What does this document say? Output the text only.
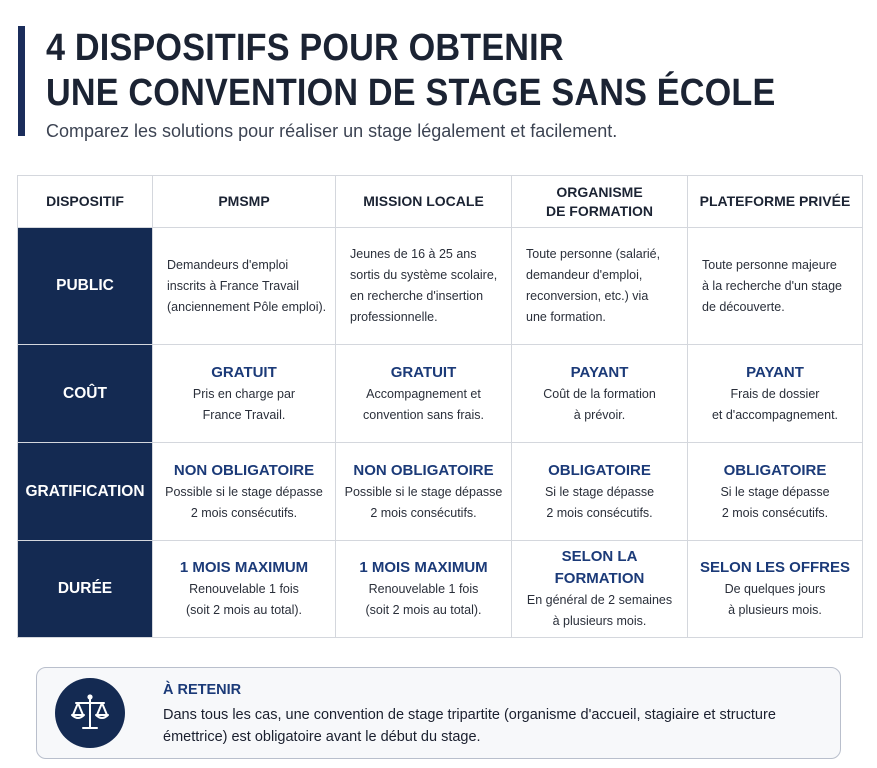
4 DISPOSITIFS POUR OBTENIR
UNE CONVENTION DE STAGE SANS ÉCOLE
Comparez les solutions pour réaliser un stage légalement et facilement.
DISPOSITIF	PMSMP	MISSION LOCALE	ORGANISME
DE FORMATION	PLATEFORME PRIVÉE

PUBLIC	Demandeurs d'emploi
inscrits à France Travail
(anciennement Pôle emploi).	Jeunes de 16 à 25 ans
sortis du système scolaire,
en recherche d'insertion
professionnelle.	Toute personne (salarié,
demandeur d'emploi,
reconversion, etc.) via
une formation.	Toute personne majeure
à la recherche d'un stage
de découverte.

COÛT	GRATUIT
Pris en charge par
France Travail.	GRATUIT
Accompagnement et
convention sans frais.	PAYANT
Coût de la formation
à prévoir.	PAYANT
Frais de dossier
et d'accompagnement.

GRATIFICATION	NON OBLIGATOIRE
Possible si le stage dépasse
2 mois consécutifs.	NON OBLIGATOIRE
Possible si le stage dépasse
2 mois consécutifs.	OBLIGATOIRE
Si le stage dépasse
2 mois consécutifs.	OBLIGATOIRE
Si le stage dépasse
2 mois consécutifs.

DURÉE	1 MOIS MAXIMUM
Renouvelable 1 fois
(soit 2 mois au total).	1 MOIS MAXIMUM
Renouvelable 1 fois
(soit 2 mois au total).	SELON LA FORMATION
En général de 2 semaines
à plusieurs mois.	SELON LES OFFRES
De quelques jours
à plusieurs mois.
À RETENIR
Dans tous les cas, une convention de stage tripartite (organisme d'accueil, stagiaire et structure émettrice) est obligatoire avant le début du stage.
